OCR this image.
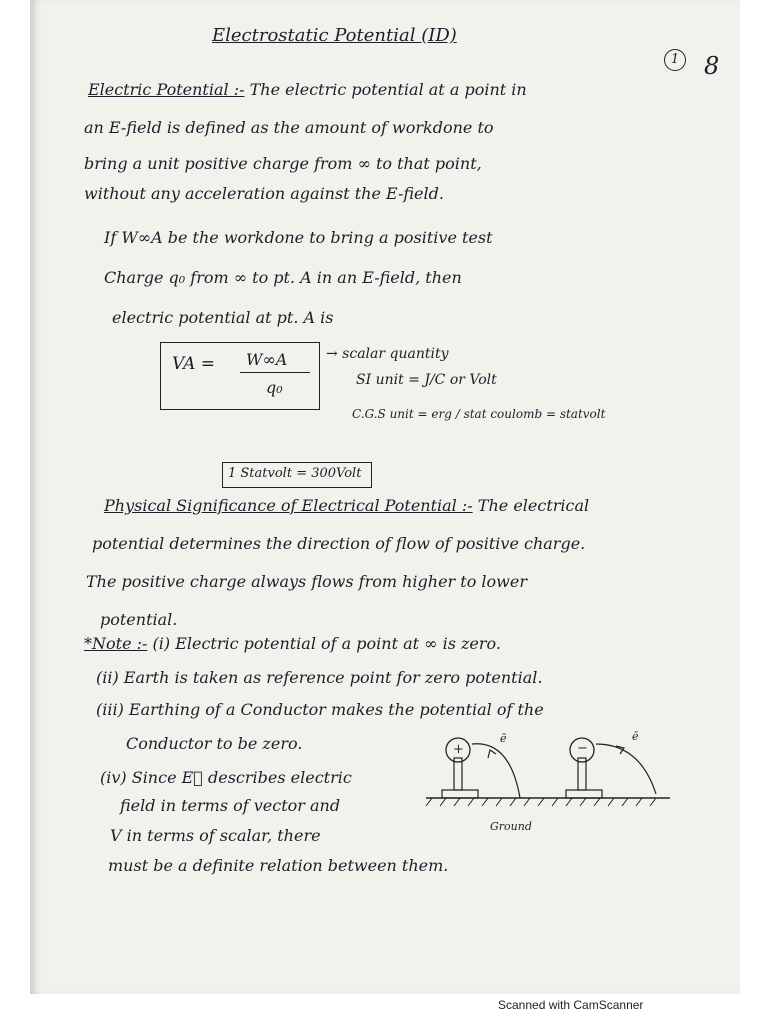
Electrostatic Potential (ID)
1 8
Electric Potential :- The electric potential at a point in
an E-field is defined as the amount of workdone to
bring a unit positive charge from ∞ to that point,
without any acceleration against the E-field.
If W∞A be the workdone to bring a positive test
Charge q₀ from ∞ to pt. A in an E-field, then
electric potential at pt. A is
VA = W∞A
q₀
→ scalar quantity
SI unit = J/C or Volt
C.G.S unit = erg / stat coulomb = statvolt
1 Statvolt = 300Volt
Physical Significance of Electrical Potential :- The electrical
potential determines the direction of flow of positive charge.
The positive charge always flows from higher to lower
potential.
*Note :- (i) Electric potential of a point at ∞ is zero.
(ii) Earth is taken as reference point for zero potential.
(iii) Earthing of a Conductor makes the potential of the
Conductor to be zero.
(iv) Since E⃗ describes electric
field in terms of vector and
V in terms of scalar, there
must be a definite relation between them.
+	−
ē	ē
Ground
Scanned with CamScanner
